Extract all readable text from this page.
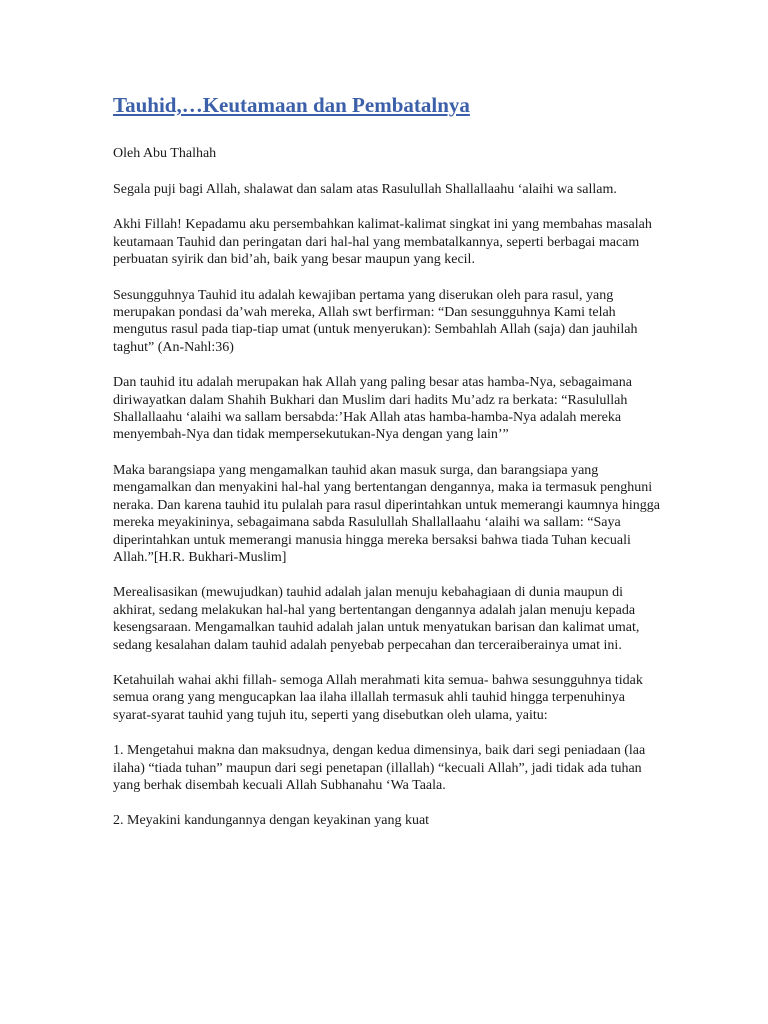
Tauhid,…Keutamaan dan Pembatalnya

Oleh Abu Thalhah

Segala puji bagi Allah, shalawat dan salam atas Rasulullah Shallallaahu ‘alaihi wa sallam.

Akhi Fillah! Kepadamu aku persembahkan kalimat-kalimat singkat ini yang membahas masalah keutamaan Tauhid dan peringatan dari hal-hal yang membatalkannya, seperti berbagai macam perbuatan syirik dan bid’ah, baik yang besar maupun yang kecil.

Sesungguhnya Tauhid itu adalah kewajiban pertama yang diserukan oleh para rasul, yang merupakan pondasi da’wah mereka, Allah swt berfirman: “Dan sesungguhnya Kami telah mengutus rasul pada tiap-tiap umat (untuk menyerukan): Sembahlah Allah (saja) dan jauhilah taghut” (An-Nahl:36)

Dan tauhid itu adalah merupakan hak Allah yang paling besar atas hamba-Nya, sebagaimana diriwayatkan dalam Shahih Bukhari dan Muslim dari hadits Mu’adz ra berkata: “Rasulullah Shallallaahu ‘alaihi wa sallam bersabda:’Hak Allah atas hamba-hamba-Nya adalah mereka menyembah-Nya dan tidak mempersekutukan-Nya dengan yang lain’”

Maka barangsiapa yang mengamalkan tauhid akan masuk surga, dan barangsiapa yang mengamalkan dan menyakini hal-hal yang bertentangan dengannya, maka ia termasuk penghuni neraka. Dan karena tauhid itu pulalah para rasul diperintahkan untuk memerangi kaumnya hingga mereka meyakininya, sebagaimana sabda Rasulullah Shallallaahu ‘alaihi wa sallam: “Saya diperintahkan untuk memerangi manusia hingga mereka bersaksi bahwa tiada Tuhan kecuali Allah.”[H.R. Bukhari-Muslim]

Merealisasikan (mewujudkan) tauhid adalah jalan menuju kebahagiaan di dunia maupun di akhirat, sedang melakukan hal-hal yang bertentangan dengannya adalah jalan menuju kepada kesengsaraan. Mengamalkan tauhid adalah jalan untuk menyatukan barisan dan kalimat umat, sedang kesalahan dalam tauhid adalah penyebab perpecahan dan terceraiberainya umat ini.

Ketahuilah wahai akhi fillah- semoga Allah merahmati kita semua- bahwa sesungguhnya tidak semua orang yang mengucapkan laa ilaha illallah termasuk ahli tauhid hingga terpenuhinya syarat-syarat tauhid yang tujuh itu, seperti yang disebutkan oleh ulama, yaitu:

1. Mengetahui makna dan maksudnya, dengan kedua dimensinya, baik dari segi peniadaan (laa ilaha) “tiada tuhan” maupun dari segi penetapan (illallah) “kecuali Allah”, jadi tidak ada tuhan yang berhak disembah kecuali Allah Subhanahu ‘Wa Taala.

2. Meyakini kandungannya dengan keyakinan yang kuat
